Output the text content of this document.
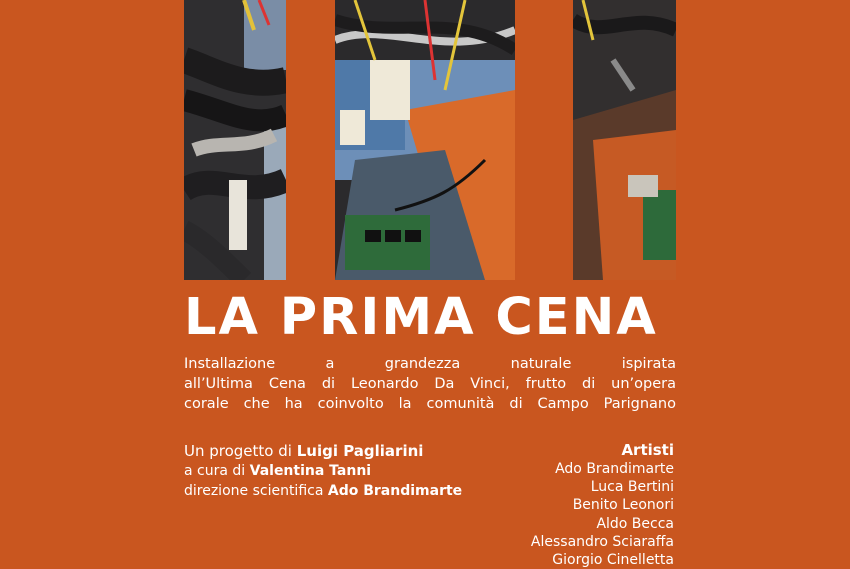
LA PRIMA CENA
Installazione a grandezza naturale ispirata
all’Ultima Cena di Leonardo Da Vinci, frutto di un’opera
corale che ha coinvolto la comunità di Campo Parignano
Un progetto di Luigi Pagliarini
a cura di Valentina Tanni
direzione scientifica Ado Brandimarte
Artisti
Ado Brandimarte
Luca Bertini
Benito Leonori
Aldo Becca
Alessandro Sciaraffa
Giorgio Cinelletta
